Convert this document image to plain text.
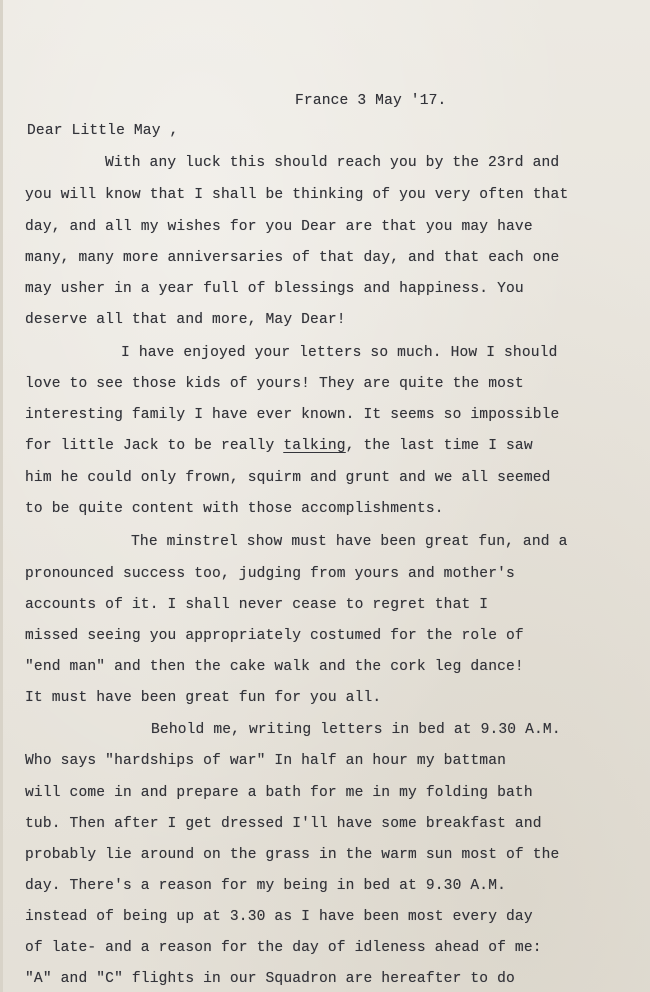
France 3 May '17.
Dear Little May ,
With any luck this should reach you by the 23rd and
you will know that I shall be thinking of you very often that
day, and all my wishes for you Dear are that you may have
many, many more anniversaries of that day, and that each one
may usher in a year full of blessings and happiness. You
deserve all that and more, May Dear!
I have enjoyed your letters so much. How I should
love to see those kids of yours! They are quite the most
interesting family I have ever known. It seems so impossible
for little Jack to be really talking, the last time I saw
him he could only frown, squirm and grunt and we all seemed
to be quite content with those accomplishments.
The minstrel show must have been great fun, and a
pronounced success too, judging from yours and mother's
accounts of it. I shall never cease to regret that I
missed seeing you appropriately costumed for the role of
"end man" and then the cake walk and the cork leg dance!
It must have been great fun for you all.
Behold me, writing letters in bed at 9.30 A.M.
Who says "hardships of war" In half an hour my battman
will come in and prepare a bath for me in my folding bath
tub. Then after I get dressed I'll have some breakfast and
probably lie around on the grass in the warm sun most of the
day. There's a reason for my being in bed at 9.30 A.M.
instead of being up at 3.30 as I have been most every day
of late- and a reason for the day of idleness ahead of me:
"A" and "C" flights in our Squadron are hereafter to do
